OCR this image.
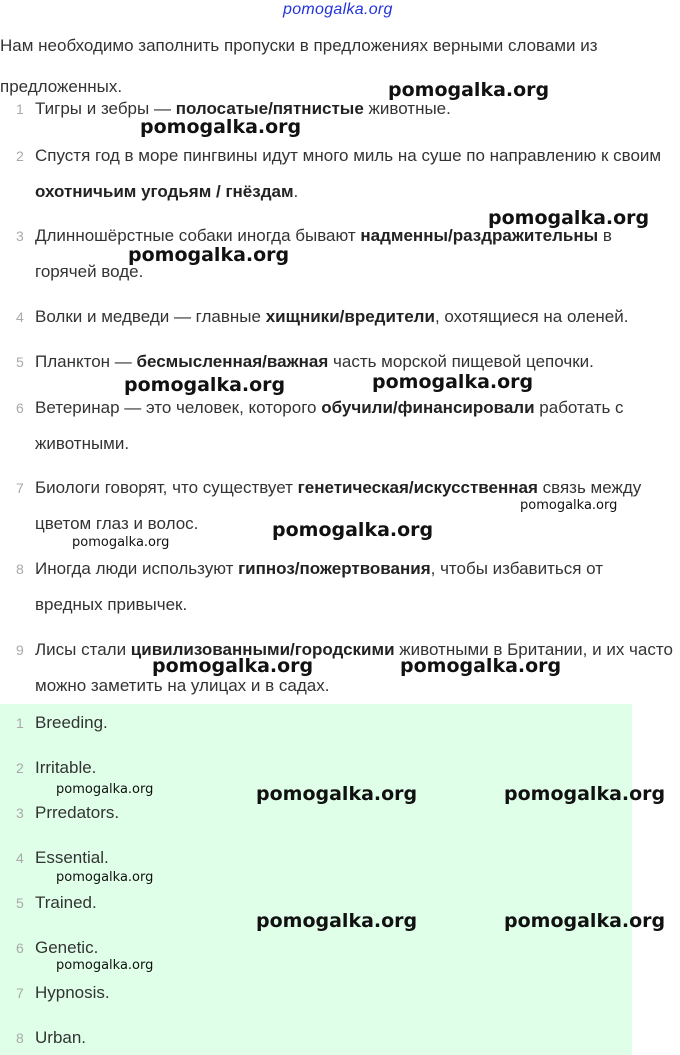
pomogalka.org
Нам необходимо заполнить пропуски в предложениях верными словами из предложенных.
1 Тигры и зебры — полосатые/пятнистые животные.
2 Спустя год в море пингвины идут много миль на суше по направлению к своим охотничьим угодьям / гнёздам.
3 Длинношёрстные собаки иногда бывают надменны/раздражительны в горячей воде.
4 Волки и медведи — главные хищники/вредители, охотящиеся на оленей.
5 Планктон — бесмысленная/важная часть морской пищевой цепочки.
6 Ветеринар — это человек, которого обучили/финансировали работать с животными.
7 Биологи говорят, что существует генетическая/искусственная связь между цветом глаз и волос.
8 Иногда люди используют гипноз/пожертвования, чтобы избавиться от вредных привычек.
9 Лисы стали цивилизованными/городскими животными в Британии, и их часто можно заметить на улицах и в садах.
1 Breeding.
2 Irritable.
3 Prredators.
4 Essential.
5 Trained.
6 Genetic.
7 Hypnosis.
8 Urban.
pomogalka.org
pomogalka.org
pomogalka.org
pomogalka.org
pomogalka.org	pomogalka.org
pomogalka.org
pomogalka.org
pomogalka.org
pomogalka.org	pomogalka.org
pomogalka.org	pomogalka.org	pomogalka.org
pomogalka.org
pomogalka.org	pomogalka.org
pomogalka.org
